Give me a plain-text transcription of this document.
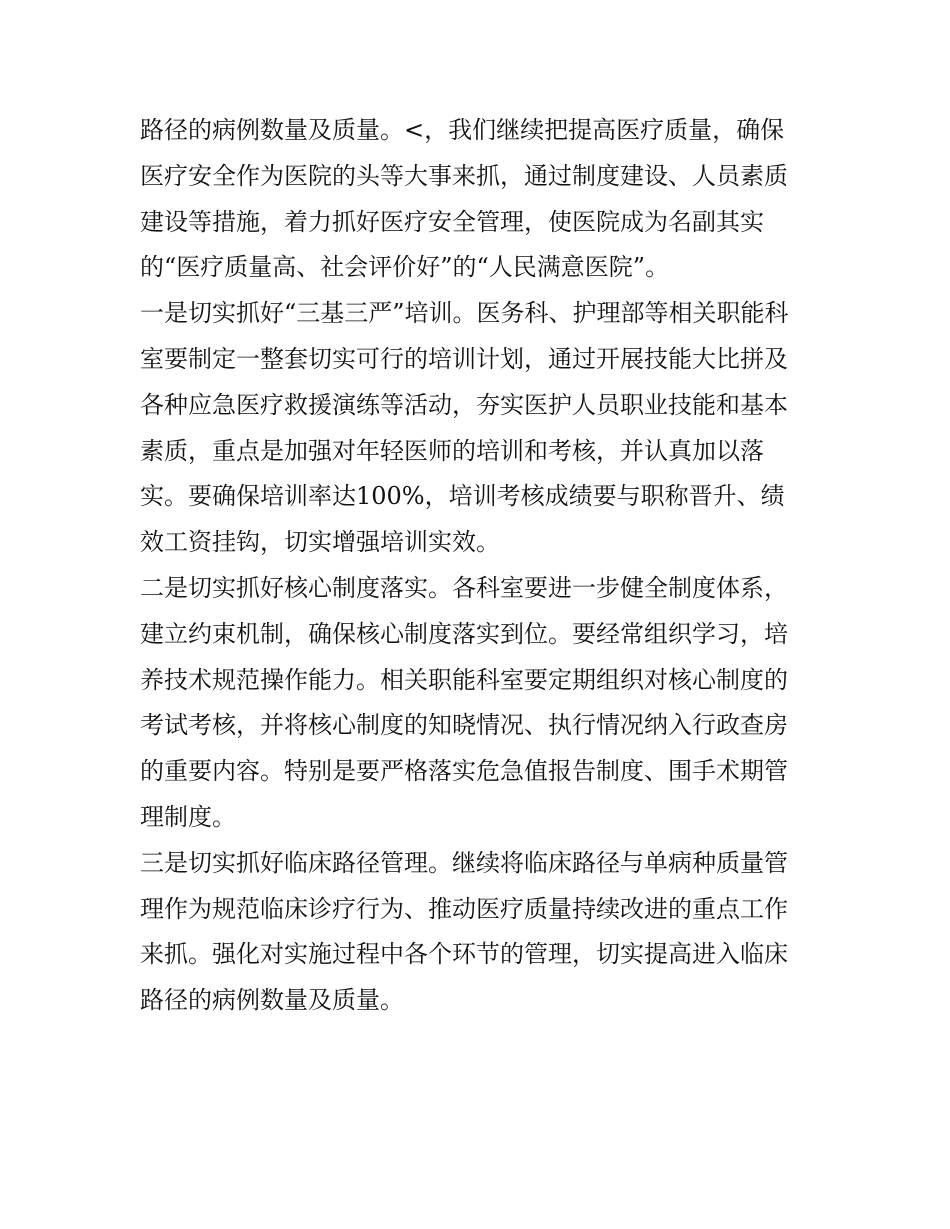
路径的病例数量及质量。<，我们继续把提高医疗质量，确保
医疗安全作为医院的头等大事来抓，通过制度建设、人员素质
建设等措施，着力抓好医疗安全管理，使医院成为名副其实
的“医疗质量高、社会评价好”的“人民满意医院”。

一是切实抓好“三基三严”培训。医务科、护理部等相关职能科
室要制定一整套切实可行的培训计划，通过开展技能大比拼及
各种应急医疗救援演练等活动，夯实医护人员职业技能和基本
素质，重点是加强对年轻医师的培训和考核，并认真加以落
实。要确保培训率达100%，培训考核成绩要与职称晋升、绩
效工资挂钩，切实增强培训实效。

二是切实抓好核心制度落实。各科室要进一步健全制度体系，
建立约束机制，确保核心制度落实到位。要经常组织学习，培
养技术规范操作能力。相关职能科室要定期组织对核心制度的
考试考核，并将核心制度的知晓情况、执行情况纳入行政查房
的重要内容。特别是要严格落实危急值报告制度、围手术期管
理制度。

三是切实抓好临床路径管理。继续将临床路径与单病种质量管
理作为规范临床诊疗行为、推动医疗质量持续改进的重点工作
来抓。强化对实施过程中各个环节的管理，切实提高进入临床
路径的病例数量及质量。
